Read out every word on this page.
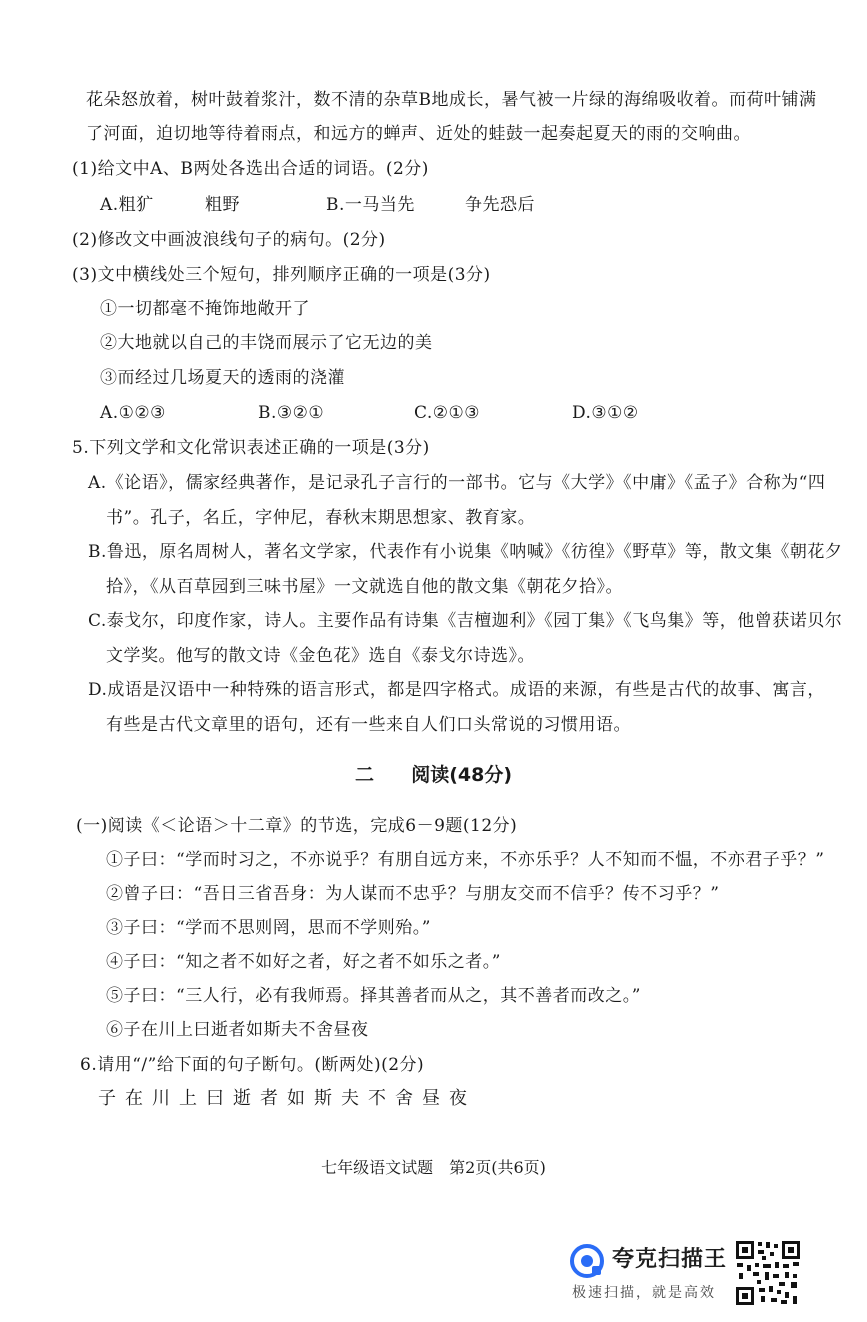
花朵怒放着，树叶鼓着浆汁，数不清的杂草B地成长，暑气被一片绿的海绵吸收着。而荷叶铺满
了河面，迫切地等待着雨点，和远方的蝉声、近处的蛙鼓一起奏起夏天的雨的交响曲。
(1)给文中A、B两处各选出合适的词语。(2分)
A.粗犷	粗野	B.一马当先	争先恐后
(2)修改文中画波浪线句子的病句。(2分)
(3)文中横线处三个短句，排列顺序正确的一项是(3分)
①一切都毫不掩饰地敞开了
②大地就以自己的丰饶而展示了它无边的美
③而经过几场夏天的透雨的浇灌
A.①②③	B.③②①	C.②①③	D.③①②
5.下列文学和文化常识表述正确的一项是(3分)
A.《论语》，儒家经典著作，是记录孔子言行的一部书。它与《大学》《中庸》《孟子》合称为“四
书”。孔子，名丘，字仲尼，春秋末期思想家、教育家。
B.鲁迅，原名周树人，著名文学家，代表作有小说集《呐喊》《彷徨》《野草》等，散文集《朝花夕
拾》，《从百草园到三味书屋》一文就选自他的散文集《朝花夕拾》。
C.泰戈尔，印度作家，诗人。主要作品有诗集《吉檀迦利》《园丁集》《飞鸟集》等，他曾获诺贝尔
文学奖。他写的散文诗《金色花》选自《泰戈尔诗选》。
D.成语是汉语中一种特殊的语言形式，都是四字格式。成语的来源，有些是古代的故事、寓言，
有些是古代文章里的语句，还有一些来自人们口头常说的习惯用语。
二 阅读(48分)
(一)阅读《＜论语＞十二章》的节选，完成6－9题(12分)
①子曰：“学而时习之，不亦说乎？有朋自远方来，不亦乐乎？人不知而不愠，不亦君子乎？”
②曾子曰：“吾日三省吾身：为人谋而不忠乎？与朋友交而不信乎？传不习乎？”
③子曰：“学而不思则罔，思而不学则殆。”
④子曰：“知之者不如好之者，好之者不如乐之者。”
⑤子曰：“三人行，必有我师焉。择其善者而从之，其不善者而改之。”
⑥子在川上曰逝者如斯夫不舍昼夜
6.请用“/”给下面的句子断句。(断两处)(2分)
子在川上曰逝者如斯夫不舍昼夜
七年级语文试题　第2页(共6页)
夸克扫描王
极速扫描，就是高效
